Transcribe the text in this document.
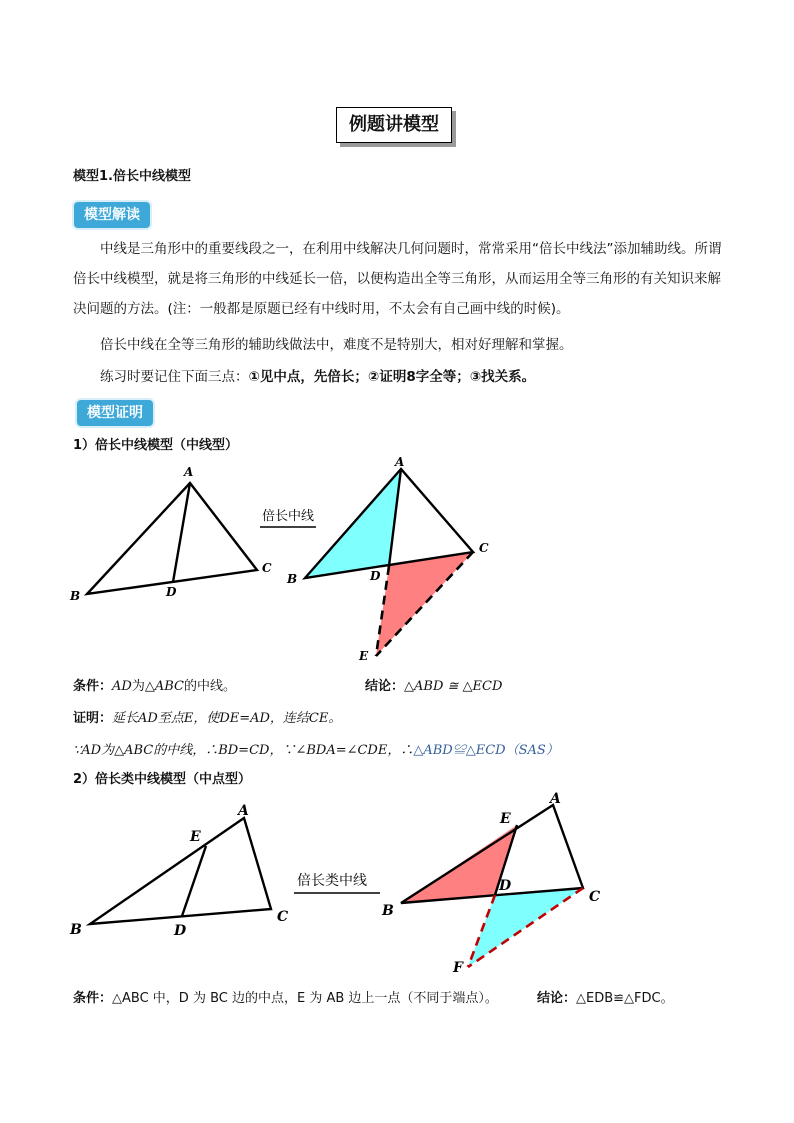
例题讲模型
模型1.倍长中线模型
模型解读
中线是三角形中的重要线段之一，在利用中线解决几何问题时，常常采用“倍长中线法”添加辅助线。所谓倍长中线模型，就是将三角形的中线延长一倍，以便构造出全等三角形，从而运用全等三角形的有关知识来解决问题的方法。(注：一般都是原题已经有中线时用，不太会有自己画中线的时候)。
倍长中线在全等三角形的辅助线做法中，难度不是特别大，相对好理解和掌握。
练习时要记住下面三点：①见中点，先倍长；②证明8字全等；③找关系。
模型证明
1）倍长中线模型（中线型）
A
B
C
D
倍长中线
A
B
C
D
E
条件：AD为△ABC的中线。	结论：△ABD ≅ △ECD
证明：延长AD至点E，使DE=AD，连结CE。
∵AD为△ABC的中线，∴BD=CD，∵∠BDA=∠CDE，∴△ABD≌△ECD（SAS）
2）倍长类中线模型（中点型）
A
B
C
D
E
倍长类中线
A
B
C
D
E
F
条件：△ABC 中，D 为 BC 边的中点，E 为 AB 边上一点（不同于端点）。	结论：△EDB≌△FDC。
